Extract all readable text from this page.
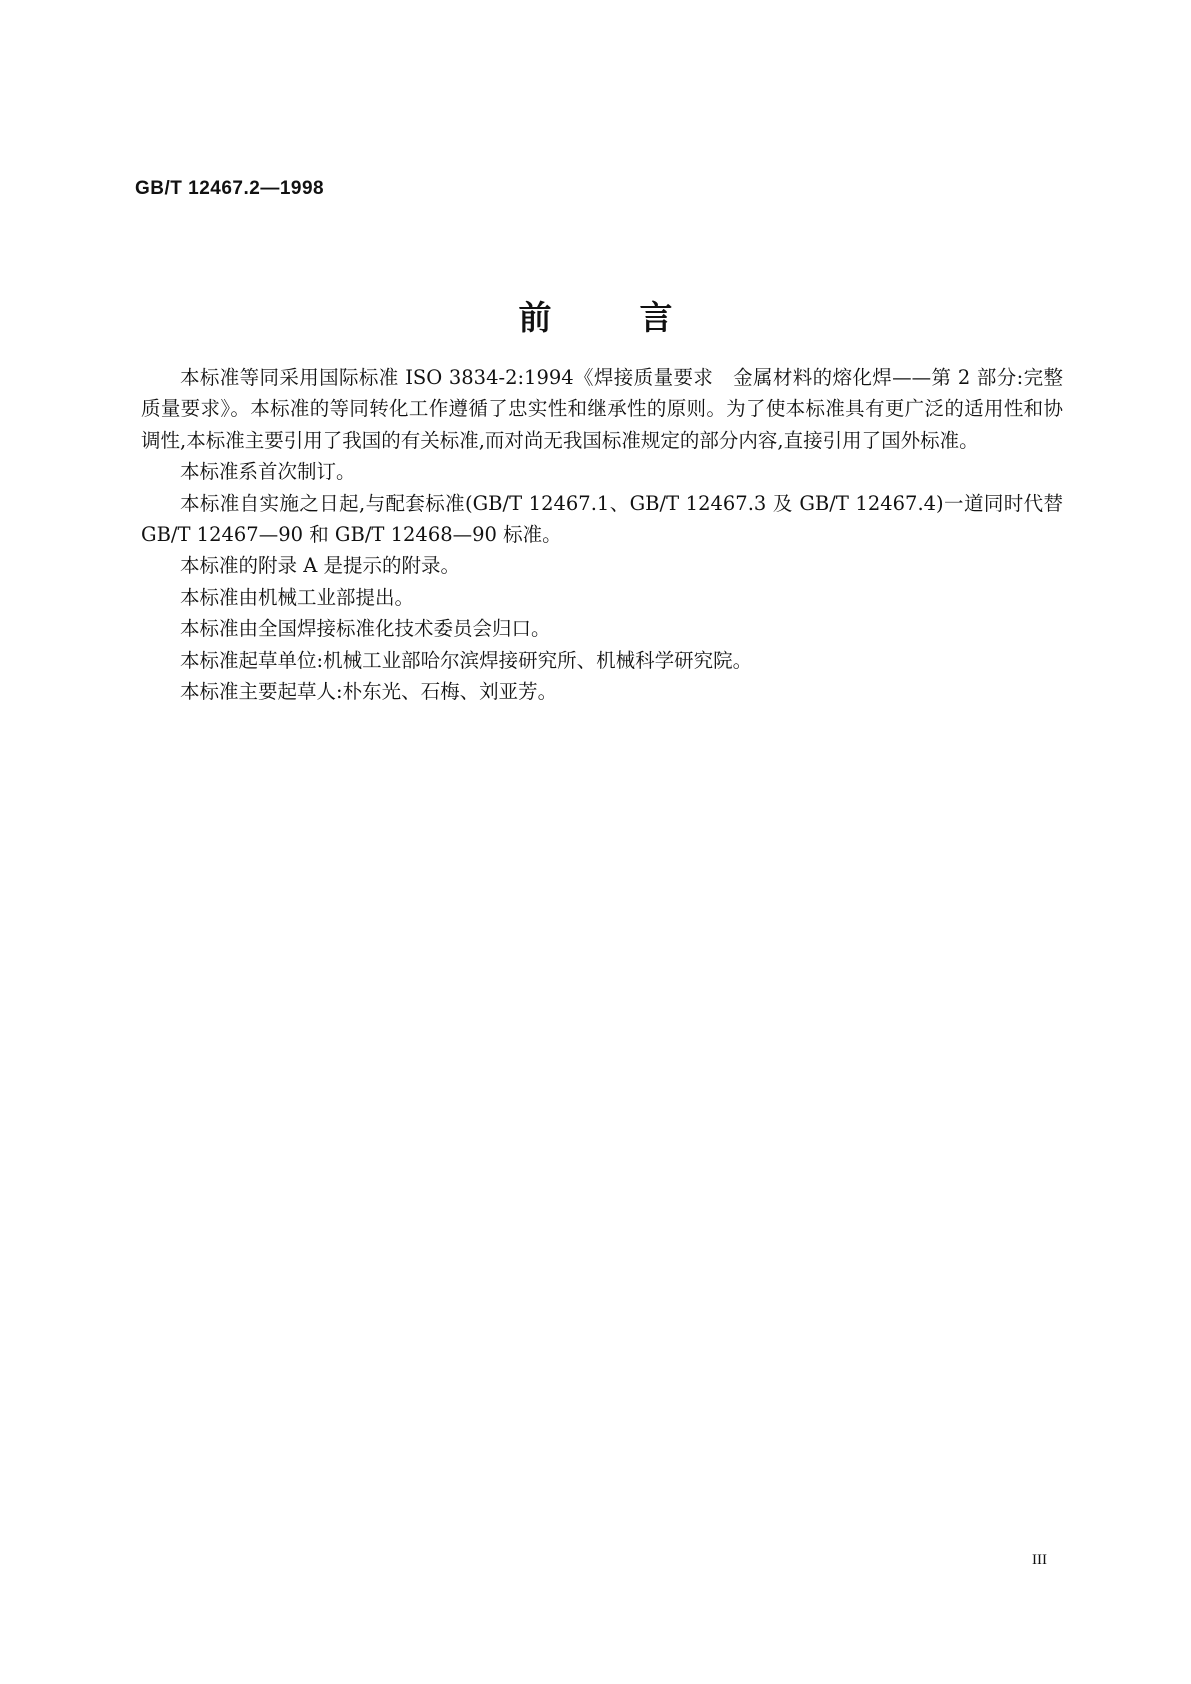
GB/T 12467.2—1998
前言

本标准等同采用国际标准 ISO 3834-2:1994《焊接质量要求　金属材料的熔化焊——第 2 部分:完整质量要求》。本标准的等同转化工作遵循了忠实性和继承性的原则。为了使本标准具有更广泛的适用性和协调性,本标准主要引用了我国的有关标准,而对尚无我国标准规定的部分内容,直接引用了国外标准。

本标准系首次制订。

本标准自实施之日起,与配套标准(GB/T 12467.1、GB/T 12467.3 及 GB/T 12467.4)一道同时代替 GB/T 12467—90 和 GB/T 12468—90 标准。

本标准的附录 A 是提示的附录。

本标准由机械工业部提出。

本标准由全国焊接标准化技术委员会归口。

本标准起草单位:机械工业部哈尔滨焊接研究所、机械科学研究院。

本标准主要起草人:朴东光、石梅、刘亚芳。

III
